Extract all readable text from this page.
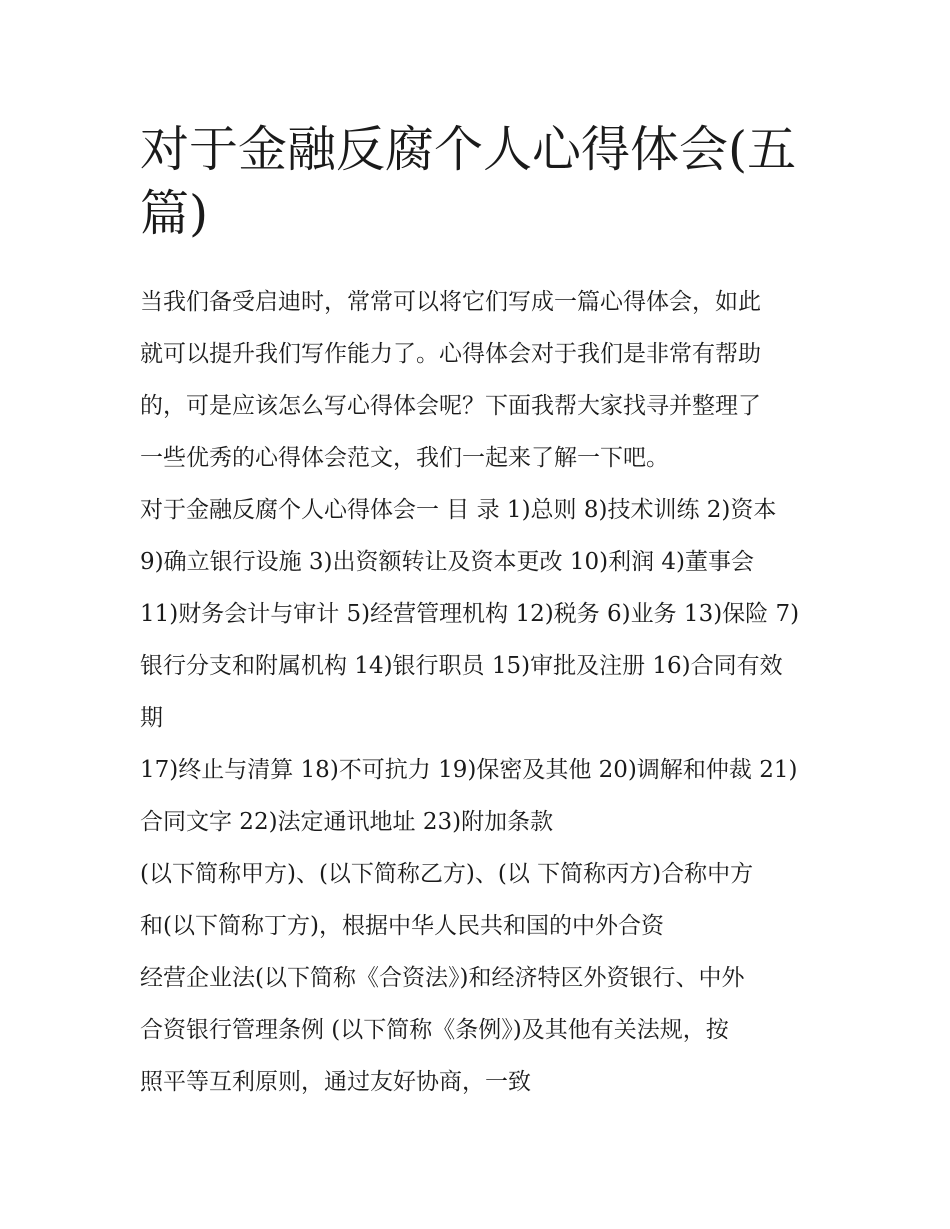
对于金融反腐个人心得体会(五
篇)

当我们备受启迪时，常常可以将它们写成一篇心得体会，如此
就可以提升我们写作能力了。心得体会对于我们是非常有帮助
的，可是应该怎么写心得体会呢？下面我帮大家找寻并整理了
一些优秀的心得体会范文，我们一起来了解一下吧。

对于金融反腐个人心得体会一 目 录 1)总则 8)技术训练 2)资本
9)确立银行设施 3)出资额转让及资本更改 10)利润 4)董事会
11)财务会计与审计 5)经营管理机构 12)税务 6)业务 13)保险 7)
银行分支和附属机构 14)银行职员 15)审批及注册 16)合同有效
期

17)终止与清算 18)不可抗力 19)保密及其他 20)调解和仲裁 21)
合同文字 22)法定通讯地址 23)附加条款

(以下简称甲方)、(以下简称乙方)、(以 下简称丙方)合称中方
和(以下简称丁方)，根据中华人民共和国的中外合资

经营企业法(以下简称《合资法》)和经济特区外资银行、中外
合资银行管理条例 (以下简称《条例》)及其他有关法规，按
照平等互利原则，通过友好协商，一致
